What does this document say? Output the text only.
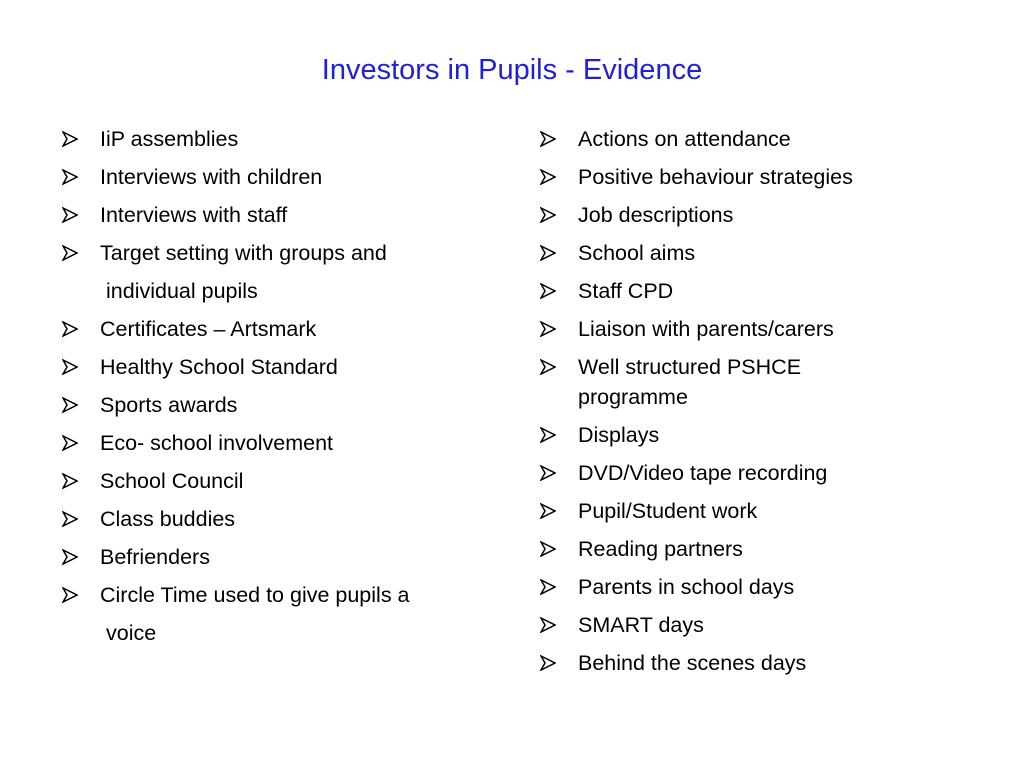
Investors in Pupils - Evidence
IiP assemblies
Interviews with children
Interviews with staff
Target setting with groups and
individual pupils
Certificates – Artsmark
Healthy School Standard
Sports awards
Eco- school involvement
School Council
Class buddies
Befrienders
Circle Time used to give pupils a
voice
Actions on attendance
Positive behaviour strategies
Job descriptions
School aims
Staff CPD
Liaison with parents/carers
Well structured PSHCE
programme
Displays
DVD/Video tape recording
Pupil/Student work
Reading partners
Parents in school days
SMART days
Behind the scenes days
